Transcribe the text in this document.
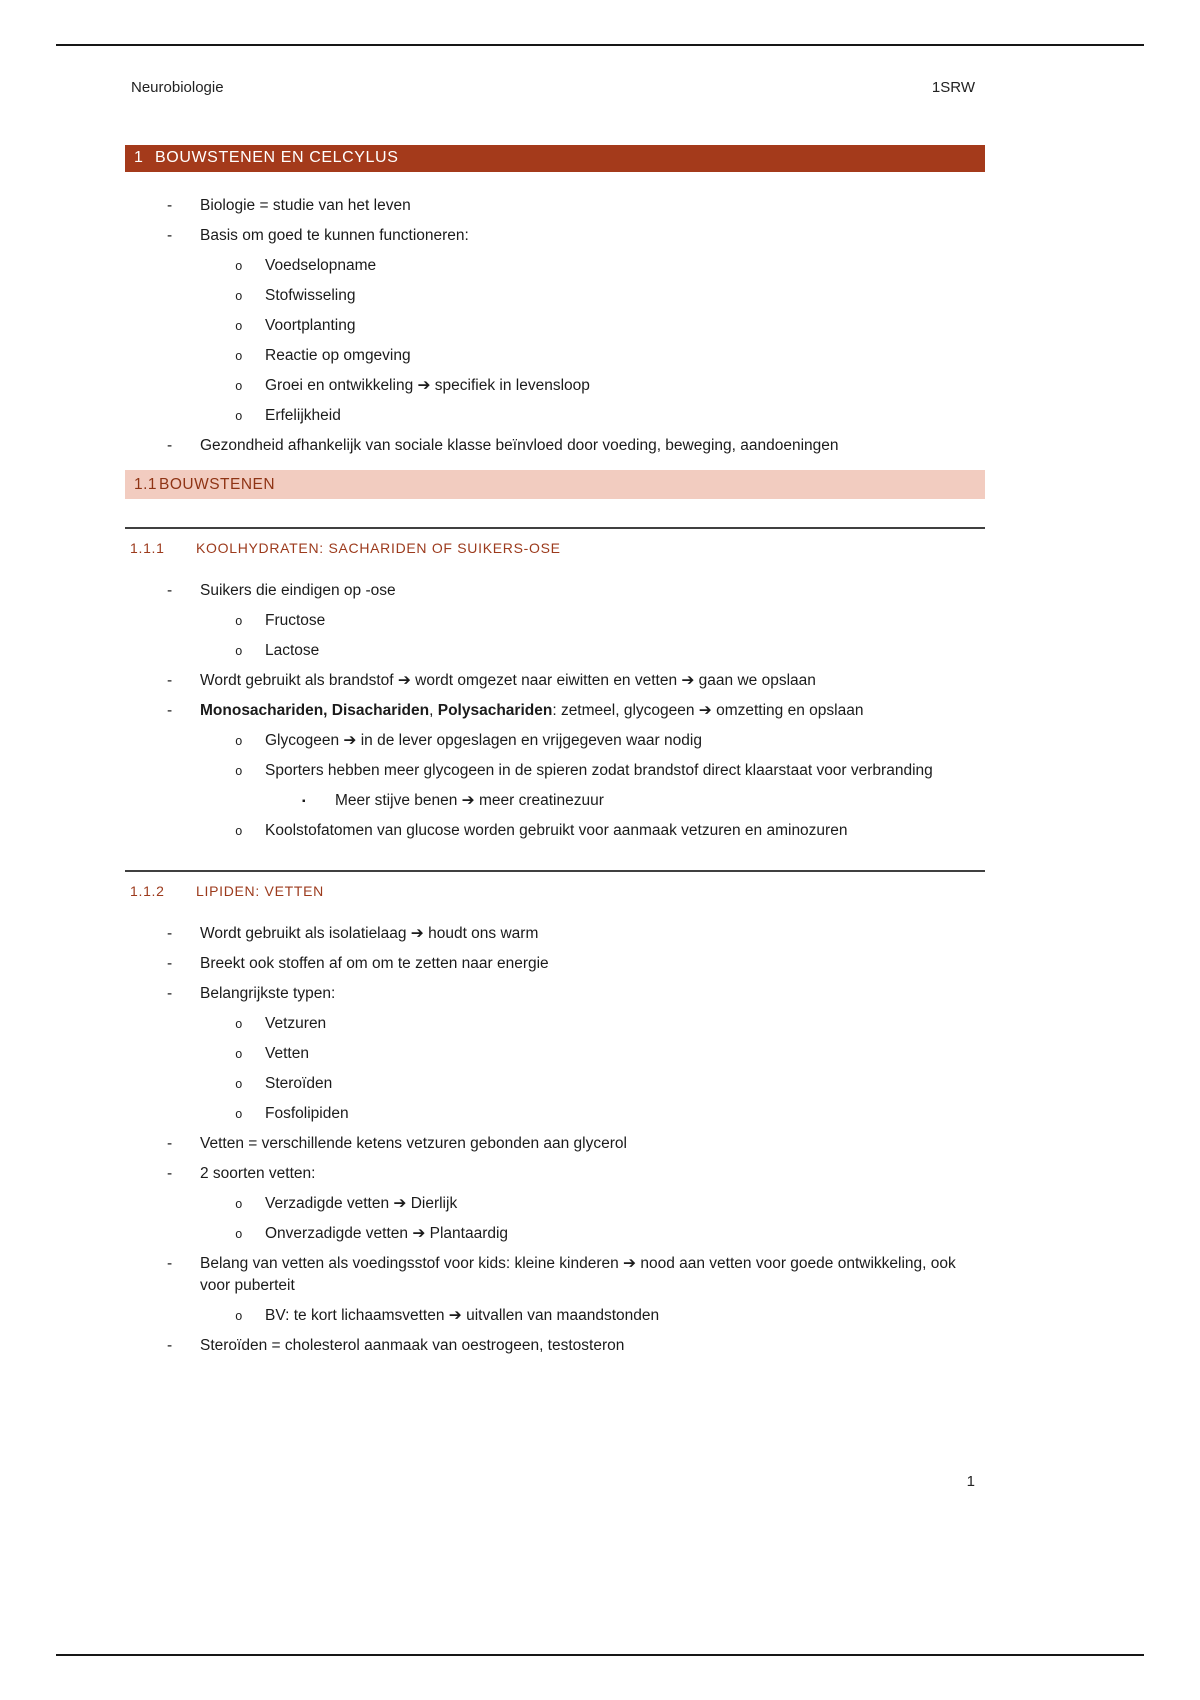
Neurobiologie	1SRW
1 BOUWSTENEN EN CELCYLUS
- Biologie = studie van het leven
- Basis om goed te kunnen functioneren:
o Voedselopname
o Stofwisseling
o Voortplanting
o Reactie op omgeving
o Groei en ontwikkeling ➔ specifiek in levensloop
o Erfelijkheid
- Gezondheid afhankelijk van sociale klasse beïnvloed door voeding, beweging, aandoeningen
1.1 BOUWSTENEN
1.1.1 KOOLHYDRATEN: SACHARIDEN OF SUIKERS-OSE
- Suikers die eindigen op -ose
o Fructose
o Lactose
- Wordt gebruikt als brandstof ➔ wordt omgezet naar eiwitten en vetten ➔ gaan we opslaan
- Monosachariden, Disachariden, Polysachariden: zetmeel, glycogeen ➔ omzetting en opslaan
o Glycogeen ➔ in de lever opgeslagen en vrijgegeven waar nodig
o Sporters hebben meer glycogeen in de spieren zodat brandstof direct klaarstaat voor verbranding
▪ Meer stijve benen ➔ meer creatinezuur
o Koolstofatomen van glucose worden gebruikt voor aanmaak vetzuren en aminozuren
1.1.2 LIPIDEN: VETTEN
- Wordt gebruikt als isolatielaag ➔ houdt ons warm
- Breekt ook stoffen af om om te zetten naar energie
- Belangrijkste typen:
o Vetzuren
o Vetten
o Steroïden
o Fosfolipiden
- Vetten = verschillende ketens vetzuren gebonden aan glycerol
- 2 soorten vetten:
o Verzadigde vetten ➔ Dierlijk
o Onverzadigde vetten ➔ Plantaardig
- Belang van vetten als voedingsstof voor kids: kleine kinderen ➔ nood aan vetten voor goede ontwikkeling, ook voor puberteit
o BV: te kort lichaamsvetten ➔ uitvallen van maandstonden
- Steroïden = cholesterol aanmaak van oestrogeen, testosteron
1
